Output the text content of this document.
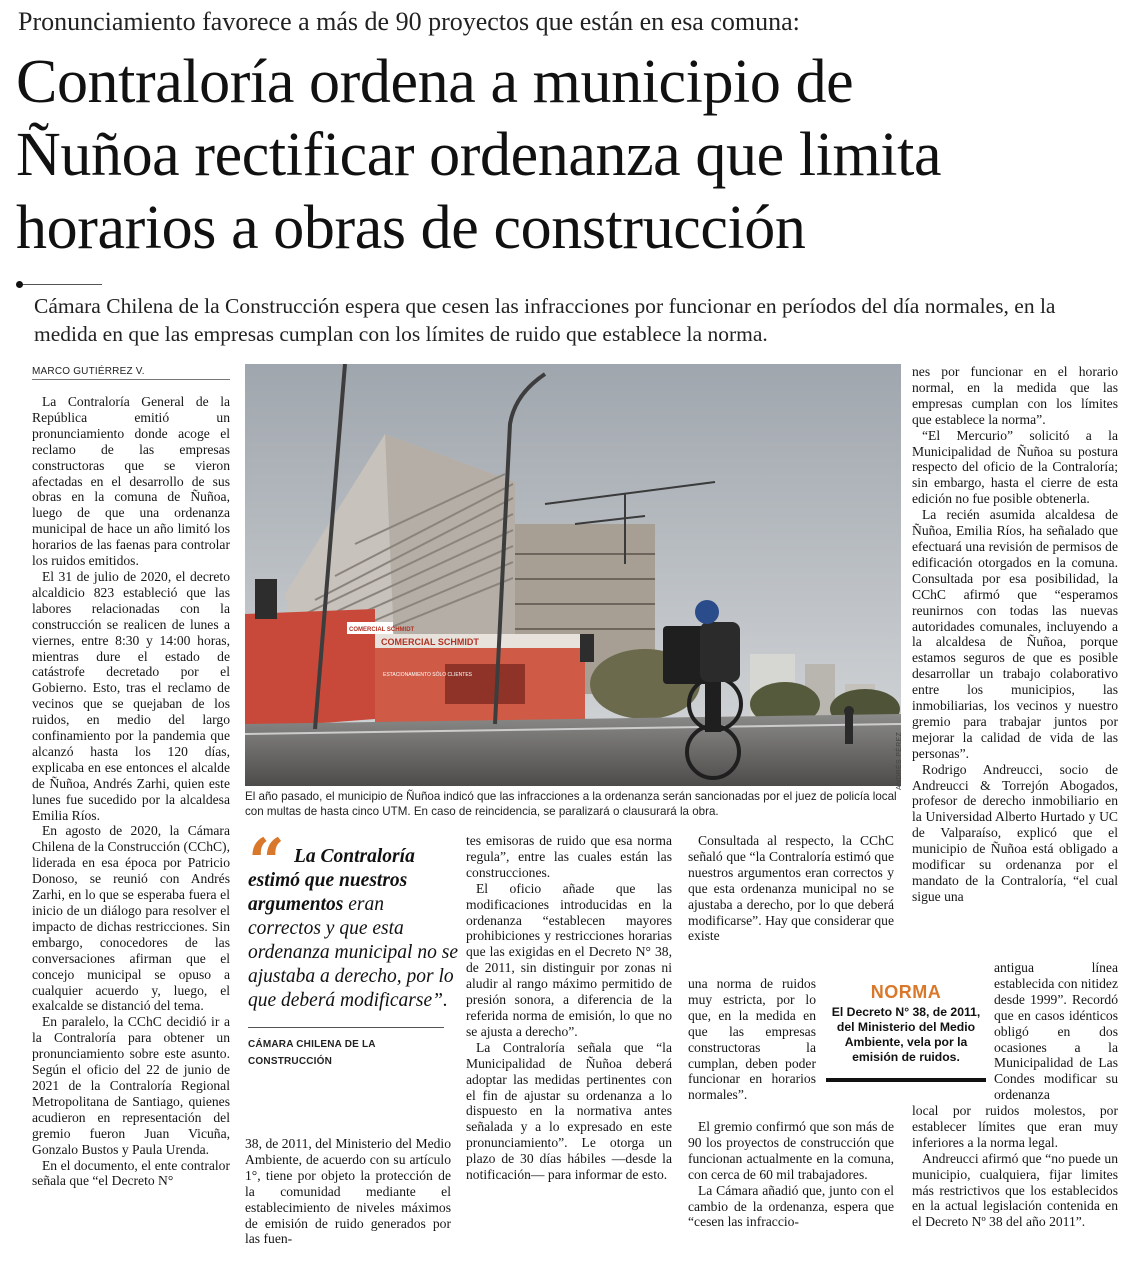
Pronunciamiento favorece a más de 90 proyectos que están en esa comuna:
Contraloría ordena a municipio de
Ñuñoa rectificar ordenanza que limita
horarios a obras de construcción
Cámara Chilena de la Construcción espera que cesen las infracciones por funcionar en períodos del día normales, en la medida en que las empresas cumplan con los límites de ruido que establece la norma.
MARCO GUTIÉRREZ V.

La Contraloría General de la República emitió un pronunciamiento donde acoge el reclamo de las empresas constructoras que se vieron afectadas en el desarrollo de sus obras en la comuna de Ñuñoa, luego de que una ordenanza municipal de hace un año limitó los horarios de las faenas para controlar los ruidos emitidos.

El 31 de julio de 2020, el decreto alcaldicio 823 estableció que las labores relacionadas con la construcción se realicen de lunes a viernes, entre 8:30 y 14:00 horas, mientras dure el estado de catástrofe decretado por el Gobierno. Esto, tras el reclamo de vecinos que se quejaban de los ruidos, en medio del largo confinamiento por la pandemia que alcanzó hasta los 120 días, explicaba en ese entonces el alcalde de Ñuñoa, Andrés Zarhi, quien este lunes fue sucedido por la alcaldesa Emilia Ríos.

En agosto de 2020, la Cámara Chilena de la Construcción (CChC), liderada en esa época por Patricio Donoso, se reunió con Andrés Zarhi, en lo que se esperaba fuera el inicio de un diálogo para resolver el impacto de dichas restricciones. Sin embargo, conocedores de las conversaciones afirman que el concejo municipal se opuso a cualquier acuerdo y, luego, el exalcalde se distanció del tema.

En paralelo, la CChC decidió ir a la Contraloría para obtener un pronunciamiento sobre este asunto. Según el oficio del 22 de junio de 2021 de la Contraloría Regional Metropolitana de Santiago, quienes acudieron en representación del gremio fueron Juan Vicuña, Gonzalo Bustos y Paula Urenda.

En el documento, el ente contralor señala que “el Decreto N°

COMERCIAL SCHMIDT
ESTACIONAMIENTO SÓLO CLIENTES
COMERCIAL SCHMIDT
ANDRÉS PÉREZ
El año pasado, el municipio de Ñuñoa indicó que las infracciones a la ordenanza serán sancionadas por el juez de policía local con multas de hasta cinco UTM. En caso de reincidencia, se paralizará o clausurará la obra.
“ La Contraloría estimó que nuestros argumentos eran correctos y que esta ordenanza municipal no se ajustaba a derecho, por lo que deberá modificarse”.
CÁMARA CHILENA DE LA CONSTRUCCIÓN

38, de 2011, del Ministerio del Medio Ambiente, de acuerdo con su artículo 1°, tiene por objeto la protección de la comunidad mediante el establecimiento de niveles máximos de emisión de ruido generados por las fuen-

tes emisoras de ruido que esa norma regula”, entre las cuales están las construcciones.

El oficio añade que las modificaciones introducidas en la ordenanza “establecen mayores prohibiciones y restricciones horarias que las exigidas en el Decreto N° 38, de 2011, sin distinguir por zonas ni aludir al rango máximo permitido de presión sonora, a diferencia de la referida norma de emisión, lo que no se ajusta a derecho”.

La Contraloría señala que “la Municipalidad de Ñuñoa deberá adoptar las medidas pertinentes con el fin de ajustar su ordenanza a lo dispuesto en la normativa antes señalada y a lo expresado en este pronunciamiento”. Le otorga un plazo de 30 días hábiles —desde la notificación— para informar de esto.

Consultada al respecto, la CChC señaló que “la Contraloría estimó que nuestros argumentos eran correctos y que esta ordenanza municipal no se ajustaba a derecho, por lo que deberá modificarse”. Hay que considerar que existe

una norma de ruidos muy estricta, por lo que, en la medida en que las empresas constructoras la cumplan, deben poder funcionar en horarios normales”.

El gremio confirmó que son más de 90 los proyectos de construcción que funcionan actualmente en la comuna, con cerca de 60 mil trabajadores.

La Cámara añadió que, junto con el cambio de la ordenanza, espera que “cesen las infraccio-

nes por funcionar en el horario normal, en la medida que las empresas cumplan con los límites que establece la norma”.

“El Mercurio” solicitó a la Municipalidad de Ñuñoa su postura respecto del oficio de la Contraloría; sin embargo, hasta el cierre de esta edición no fue posible obtenerla.

La recién asumida alcaldesa de Ñuñoa, Emilia Ríos, ha señalado que efectuará una revisión de permisos de edificación otorgados en la comuna. Consultada por esa posibilidad, la CChC afirmó que “esperamos reunirnos con todas las nuevas autoridades comunales, incluyendo a la alcaldesa de Ñuñoa, porque estamos seguros de que es posible desarrollar un trabajo colaborativo entre los municipios, las inmobiliarias, los vecinos y nuestro gremio para trabajar juntos por mejorar la calidad de vida de las personas”.

Rodrigo Andreucci, socio de Andreucci & Torrejón Abogados, profesor de derecho inmobiliario en la Universidad Alberto Hurtado y UC de Valparaíso, explicó que el municipio de Ñuñoa está obligado a modificar su ordenanza por el mandato de la Contraloría, “el cual sigue una

antigua línea establecida con nitidez desde 1999”. Recordó que en casos idénticos obligó en dos ocasiones a la Municipalidad de Las Condes modificar su ordenanza

local por ruidos molestos, por establecer límites que eran muy inferiores a la norma legal.

Andreucci afirmó que “no puede un municipio, cualquiera, fijar limites más restrictivos que los establecidos en la actual legislación contenida en el Decreto Nº 38 del año 2011”.

NORMA
El Decreto N° 38, de 2011, del Ministerio del Medio Ambiente, vela por la emisión de ruidos.
